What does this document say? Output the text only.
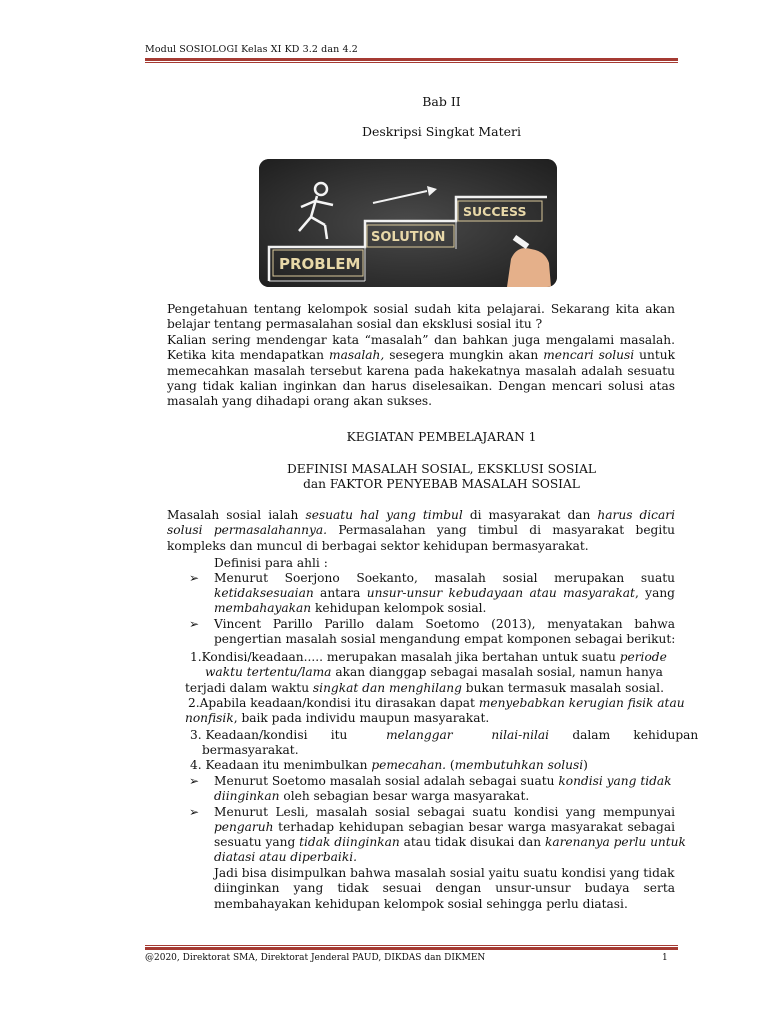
Modul SOSIOLOGI Kelas XI KD 3.2 dan 4.2
Bab II
Deskripsi Singkat Materi
PROBLEM
SOLUTION
SUCCESS
Pengetahuan tentang kelompok sosial sudah kita pelajarai. Sekarang kita akan belajar tentang permasalahan sosial dan eksklusi sosial itu ?
Kalian sering mendengar kata “masalah” dan bahkan juga mengalami masalah. Ketika kita mendapatkan masalah, sesegera mungkin akan mencari solusi untuk memecahkan masalah tersebut karena pada hakekatnya masalah adalah sesuatu yang tidak kalian inginkan dan harus diselesaikan. Dengan mencari solusi atas masalah yang dihadapi orang akan sukses.
KEGIATAN PEMBELAJARAN 1
DEFINISI MASALAH SOSIAL, EKSKLUSI SOSIAL
dan FAKTOR PENYEBAB MASALAH SOSIAL
Masalah sosial ialah sesuatu hal yang timbul di masyarakat dan harus dicari solusi permasalahannya. Permasalahan yang timbul di masyarakat begitu kompleks dan muncul di berbagai sektor kehidupan bermasyarakat.
Definisi para ahli :
➢ Menurut Soerjono Soekanto, masalah sosial merupakan suatu
ketidaksesuaian antara unsur-unsur kebudayaan atau masyarakat, yang
membahayakan kehidupan kelompok sosial.
➢ Vincent Parillo Parillo dalam Soetomo (2013), menyatakan bahwa
pengertian masalah sosial mengandung empat komponen sebagai berikut:
1.Kondisi/keadaan..... merupakan masalah jika bertahan untuk suatu periode
waktu tertentu/lama akan dianggap sebagai masalah sosial, namun hanya
terjadi dalam waktu singkat dan menghilang bukan termasuk masalah sosial.
2.Apabila keadaan/kondisi itu dirasakan dapat menyebabkan kerugian fisik atau
nonfisik, baik pada individu maupun masyarakat.
3. Keadaan/kondisi      itu          melanggar	nilai-nilai      dalam      kehidupan
bermasyarakat.
4. Keadaan itu menimbulkan pemecahan. (membutuhkan solusi)
➢ Menurut Soetomo masalah sosial adalah sebagai suatu kondisi yang tidak
diinginkan oleh sebagian besar warga masyarakat.
➢ Menurut Lesli, masalah sosial sebagai suatu kondisi yang mempunyai
pengaruh terhadap kehidupan sebagian besar warga masyarakat sebagai
sesuatu yang tidak diinginkan atau tidak disukai dan karenanya perlu untuk
diatasi atau diperbaiki.
Jadi bisa disimpulkan bahwa masalah sosial yaitu suatu kondisi yang tidak
diinginkan yang tidak sesuai dengan unsur-unsur budaya serta
membahayakan kehidupan kelompok sosial sehingga perlu diatasi.
@2020, Direktorat SMA, Direktorat Jenderal PAUD, DIKDAS dan DIKMEN	1
